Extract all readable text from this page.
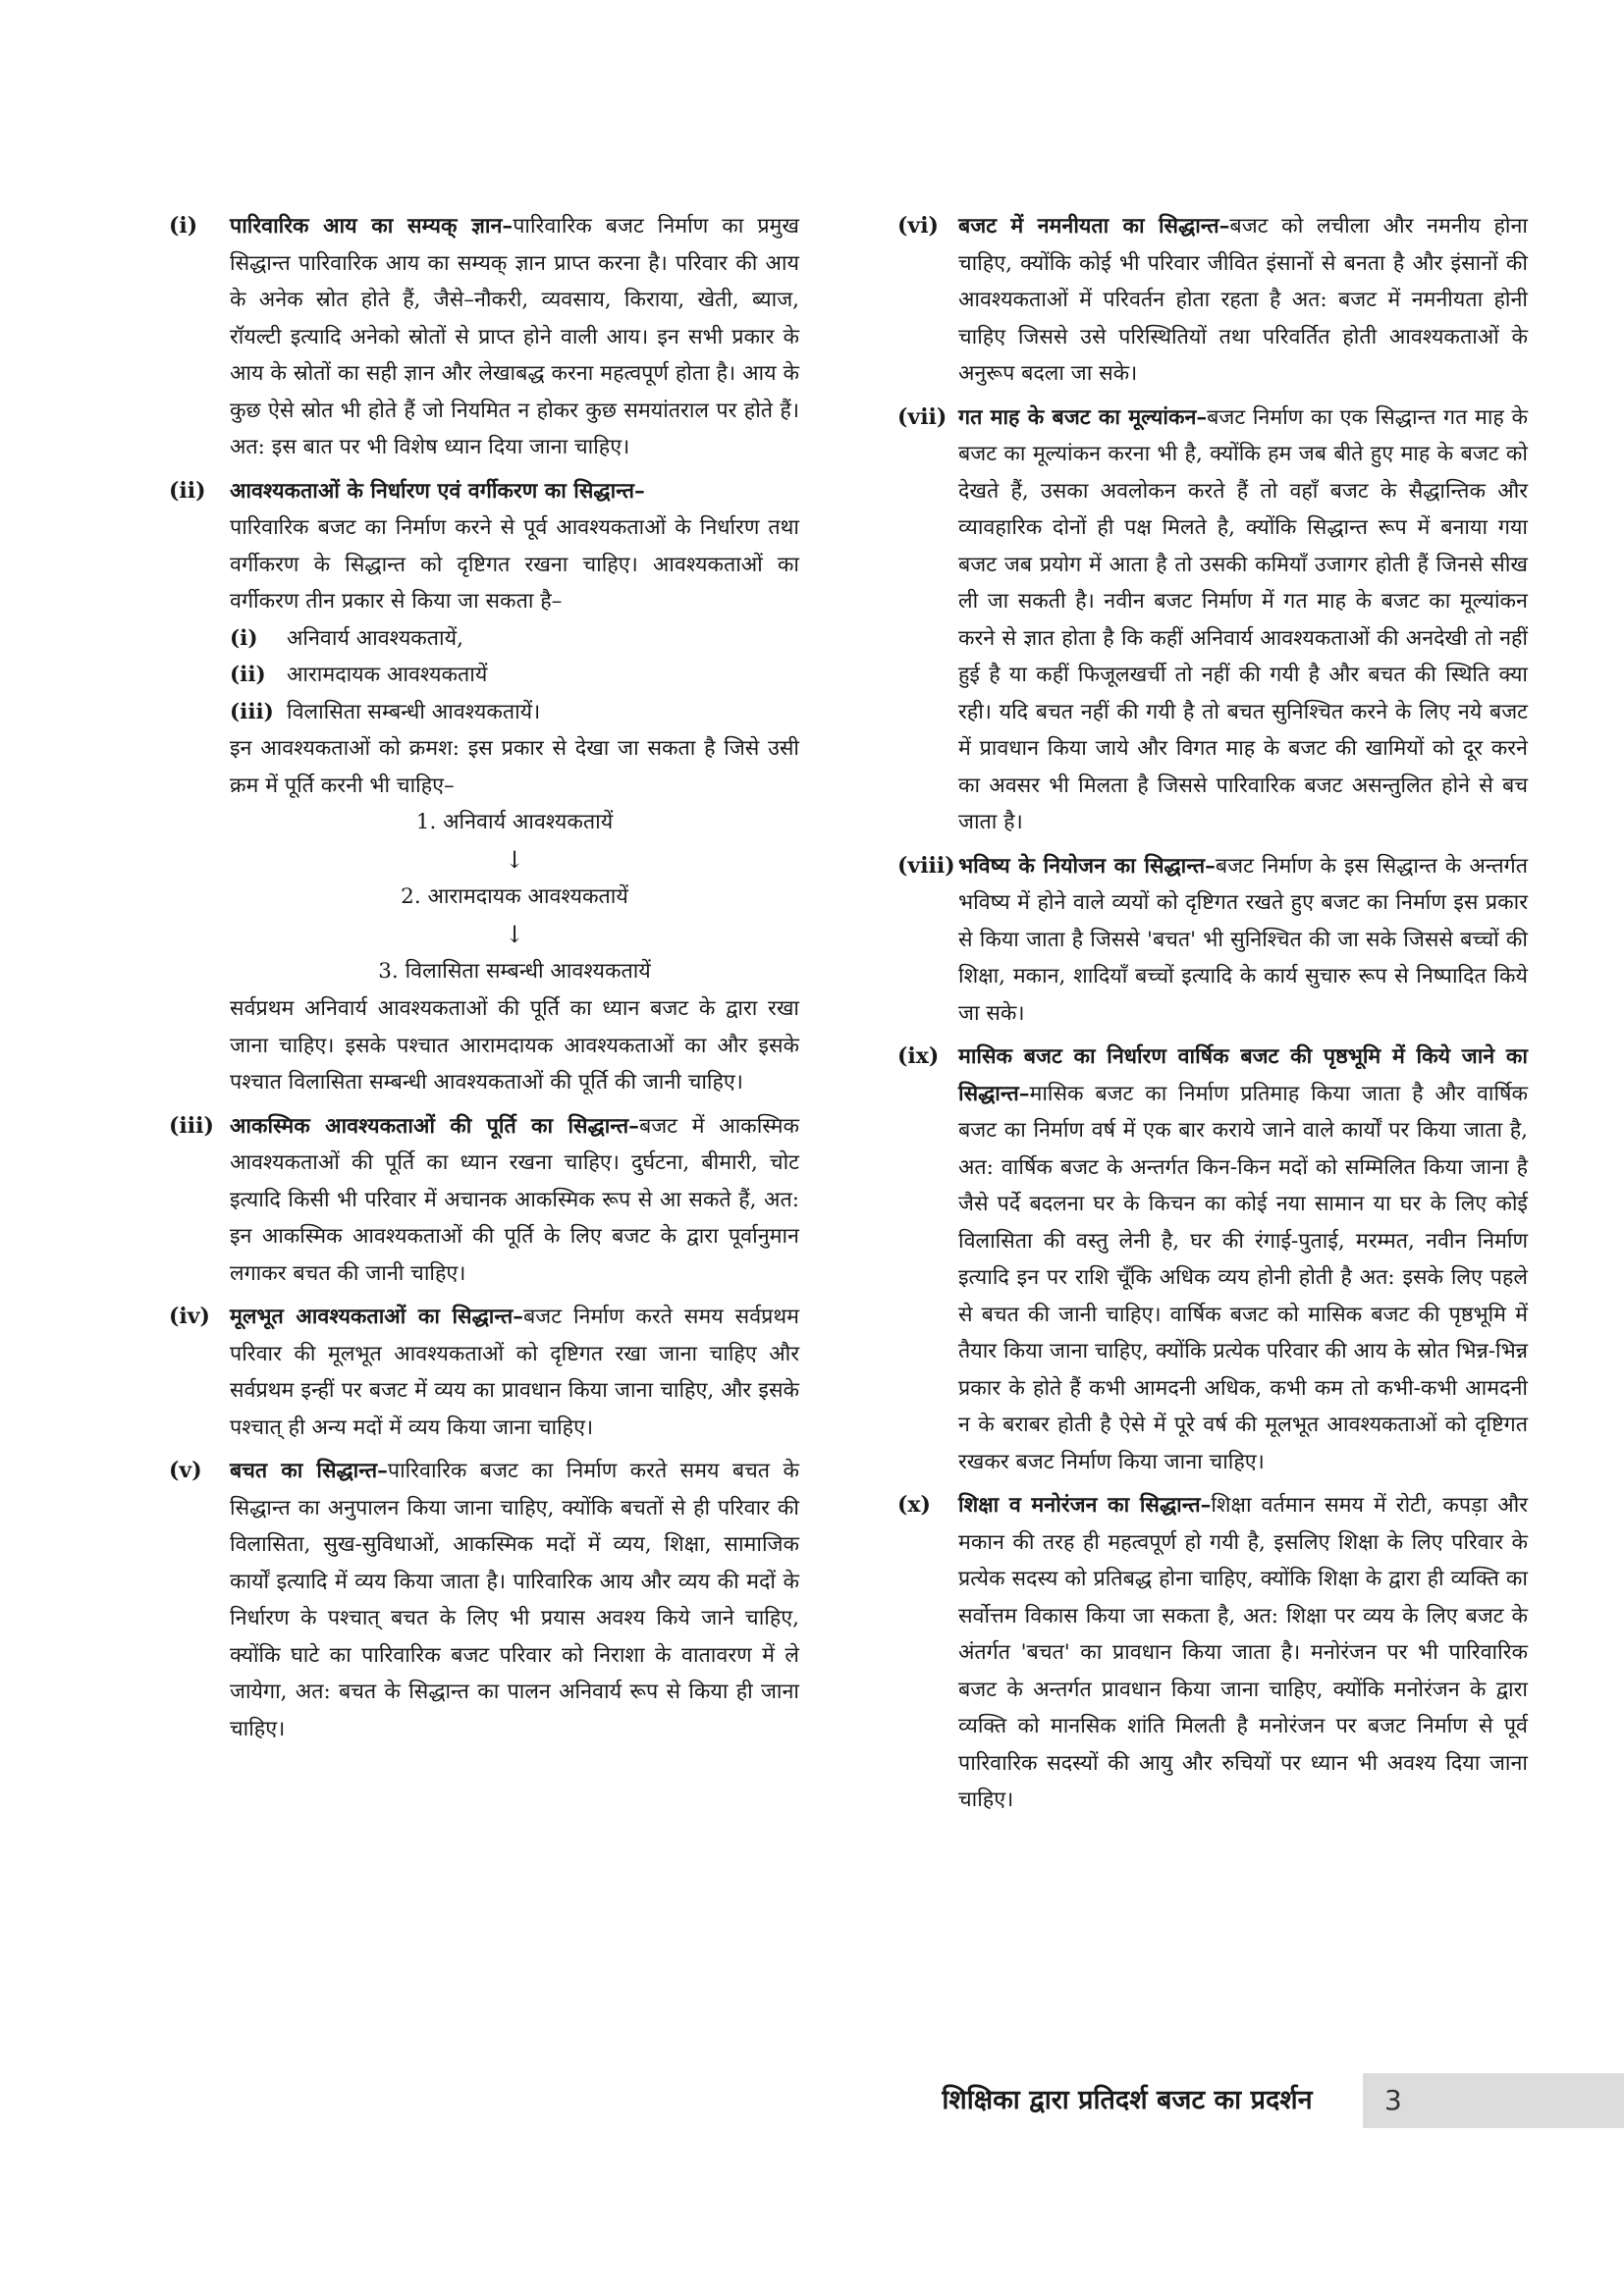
(i) पारिवारिक आय का सम्यक् ज्ञान–पारिवारिक बजट निर्माण का प्रमुख सिद्धान्त पारिवारिक आय का सम्यक् ज्ञान प्राप्त करना है। परिवार की आय के अनेक स्रोत होते हैं, जैसे–नौकरी, व्यवसाय, किराया, खेती, ब्याज, रॉयल्टी इत्यादि अनेको स्रोतों से प्राप्त होने वाली आय। इन सभी प्रकार के आय के स्रोतों का सही ज्ञान और लेखाबद्ध करना महत्वपूर्ण होता है। आय के कुछ ऐसे स्रोत भी होते हैं जो नियमित न होकर कुछ समयांतराल पर होते हैं। अत: इस बात पर भी विशेष ध्यान दिया जाना चाहिए।

(ii) आवश्यकताओं के निर्धारण एवं वर्गीकरण का सिद्धान्त–

पारिवारिक बजट का निर्माण करने से पूर्व आवश्यकताओं के निर्धारण तथा वर्गीकरण के सिद्धान्त को दृष्टिगत रखना चाहिए। आवश्यकताओं का वर्गीकरण तीन प्रकार से किया जा सकता है–

(i) अनिवार्य आवश्यकतायें,
(ii) आरामदायक आवश्यकतायें
(iii) विलासिता सम्बन्धी आवश्यकतायें।

इन आवश्यकताओं को क्रमश: इस प्रकार से देखा जा सकता है जिसे उसी क्रम में पूर्ति करनी भी चाहिए–

1. अनिवार्य आवश्यकतायें
↓
2. आरामदायक आवश्यकतायें
↓
3. विलासिता सम्बन्धी आवश्यकतायें

सर्वप्रथम अनिवार्य आवश्यकताओं की पूर्ति का ध्यान बजट के द्वारा रखा जाना चाहिए। इसके पश्चात आरामदायक आवश्यकताओं का और इसके पश्चात विलासिता सम्बन्धी आवश्यकताओं की पूर्ति की जानी चाहिए।

(iii) आकस्मिक आवश्यकताओं की पूर्ति का सिद्धान्त–बजट में आकस्मिक आवश्यकताओं की पूर्ति का ध्यान रखना चाहिए। दुर्घटना, बीमारी, चोट इत्यादि किसी भी परिवार में अचानक आकस्मिक रूप से आ सकते हैं, अत: इन आकस्मिक आवश्यकताओं की पूर्ति के लिए बजट के द्वारा पूर्वानुमान लगाकर बचत की जानी चाहिए।

(iv) मूलभूत आवश्यकताओं का सिद्धान्त–बजट निर्माण करते समय सर्वप्रथम परिवार की मूलभूत आवश्यकताओं को दृष्टिगत रखा जाना चाहिए और सर्वप्रथम इन्हीं पर बजट में व्यय का प्रावधान किया जाना चाहिए, और इसके पश्चात् ही अन्य मदों में व्यय किया जाना चाहिए।

(v) बचत का सिद्धान्त–पारिवारिक बजट का निर्माण करते समय बचत के सिद्धान्त का अनुपालन किया जाना चाहिए, क्योंकि बचतों से ही परिवार की विलासिता, सुख-सुविधाओं, आकस्मिक मदों में व्यय, शिक्षा, सामाजिक कार्यों इत्यादि में व्यय किया जाता है। पारिवारिक आय और व्यय की मदों के निर्धारण के पश्चात् बचत के लिए भी प्रयास अवश्य किये जाने चाहिए, क्योंकि घाटे का पारिवारिक बजट परिवार को निराशा के वातावरण में ले जायेगा, अत: बचत के सिद्धान्त का पालन अनिवार्य रूप से किया ही जाना चाहिए।

(vi) बजट में नमनीयता का सिद्धान्त–बजट को लचीला और नमनीय होना चाहिए, क्योंकि कोई भी परिवार जीवित इंसानों से बनता है और इंसानों की आवश्यकताओं में परिवर्तन होता रहता है अत: बजट में नमनीयता होनी चाहिए जिससे उसे परिस्थितियों तथा परिवर्तित होती आवश्यकताओं के अनुरूप बदला जा सके।

(vii) गत माह के बजट का मूल्यांकन–बजट निर्माण का एक सिद्धान्त गत माह के बजट का मूल्यांकन करना भी है, क्योंकि हम जब बीते हुए माह के बजट को देखते हैं, उसका अवलोकन करते हैं तो वहाँ बजट के सैद्धान्तिक और व्यावहारिक दोनों ही पक्ष मिलते है, क्योंकि सिद्धान्त रूप में बनाया गया बजट जब प्रयोग में आता है तो उसकी कमियाँ उजागर होती हैं जिनसे सीख ली जा सकती है। नवीन बजट निर्माण में गत माह के बजट का मूल्यांकन करने से ज्ञात होता है कि कहीं अनिवार्य आवश्यकताओं की अनदेखी तो नहीं हुई है या कहीं फिजूलखर्ची तो नहीं की गयी है और बचत की स्थिति क्या रही। यदि बचत नहीं की गयी है तो बचत सुनिश्चित करने के लिए नये बजट में प्रावधान किया जाये और विगत माह के बजट की खामियों को दूर करने का अवसर भी मिलता है जिससे पारिवारिक बजट असन्तुलित होने से बच जाता है।

(viii) भविष्य के नियोजन का सिद्धान्त–बजट निर्माण के इस सिद्धान्त के अन्तर्गत भविष्य में होने वाले व्ययों को दृष्टिगत रखते हुए बजट का निर्माण इस प्रकार से किया जाता है जिससे 'बचत' भी सुनिश्चित की जा सके जिससे बच्चों की शिक्षा, मकान, शादियाँ बच्चों इत्यादि के कार्य सुचारु रूप से निष्पादित किये जा सके।

(ix) मासिक बजट का निर्धारण वार्षिक बजट की पृष्ठभूमि में किये जाने का सिद्धान्त–मासिक बजट का निर्माण प्रतिमाह किया जाता है और वार्षिक बजट का निर्माण वर्ष में एक बार कराये जाने वाले कार्यों पर किया जाता है, अत: वार्षिक बजट के अन्तर्गत किन-किन मदों को सम्मिलित किया जाना है जैसे पर्दे बदलना घर के किचन का कोई नया सामान या घर के लिए कोई विलासिता की वस्तु लेनी है, घर की रंगाई-पुताई, मरम्मत, नवीन निर्माण इत्यादि इन पर राशि चूँकि अधिक व्यय होनी होती है अत: इसके लिए पहले से बचत की जानी चाहिए। वार्षिक बजट को मासिक बजट की पृष्ठभूमि में तैयार किया जाना चाहिए, क्योंकि प्रत्येक परिवार की आय के स्रोत भिन्न-भिन्न प्रकार के होते हैं कभी आमदनी अधिक, कभी कम तो कभी-कभी आमदनी न के बराबर होती है ऐसे में पूरे वर्ष की मूलभूत आवश्यकताओं को दृष्टिगत रखकर बजट निर्माण किया जाना चाहिए।

(x) शिक्षा व मनोरंजन का सिद्धान्त–शिक्षा वर्तमान समय में रोटी, कपड़ा और मकान की तरह ही महत्वपूर्ण हो गयी है, इसलिए शिक्षा के लिए परिवार के प्रत्येक सदस्य को प्रतिबद्ध होना चाहिए, क्योंकि शिक्षा के द्वारा ही व्यक्ति का सर्वोत्तम विकास किया जा सकता है, अत: शिक्षा पर व्यय के लिए बजट के अंतर्गत 'बचत' का प्रावधान किया जाता है। मनोरंजन पर भी पारिवारिक बजट के अन्तर्गत प्रावधान किया जाना चाहिए, क्योंकि मनोरंजन के द्वारा व्यक्ति को मानसिक शांति मिलती है मनोरंजन पर बजट निर्माण से पूर्व पारिवारिक सदस्यों की आयु और रुचियों पर ध्यान भी अवश्य दिया जाना चाहिए।

3
शिक्षिका द्वारा प्रतिदर्श बजट का प्रदर्शन
